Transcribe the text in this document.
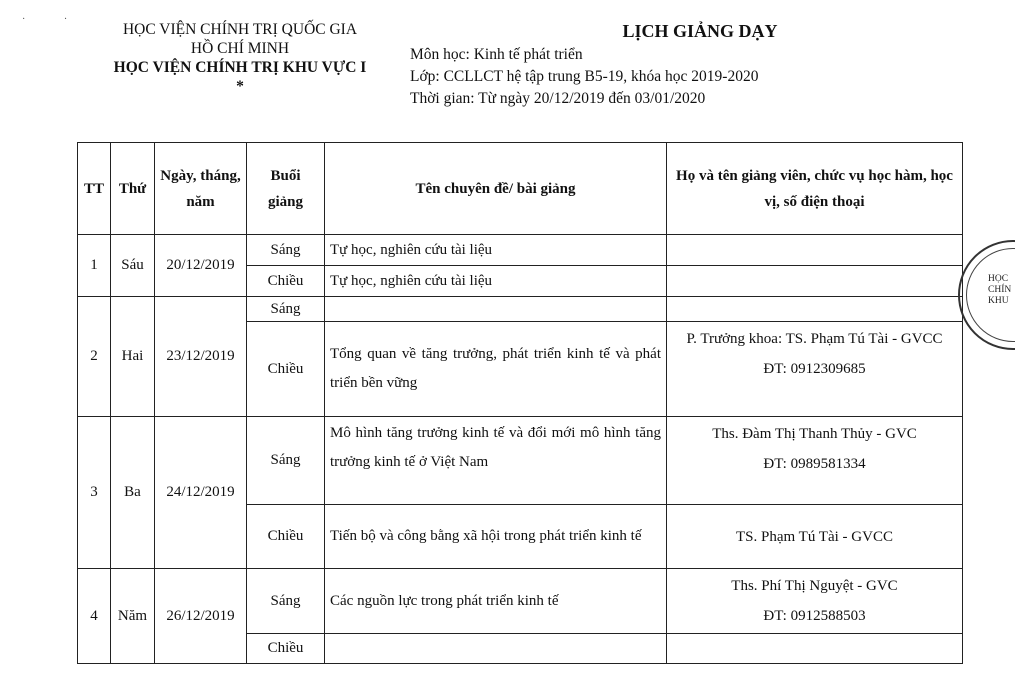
· ·
HỌC VIỆN CHÍNH TRỊ QUỐC GIA
HỒ CHÍ MINH
HỌC VIỆN CHÍNH TRỊ KHU VỰC I
*
LỊCH GIẢNG DẠY
Môn học: Kinh tế phát triển
Lớp: CCLLCT hệ tập trung B5-19, khóa học 2019-2020
Thời gian: Từ ngày 20/12/2019 đến 03/01/2020
TT	Thứ	Ngày, tháng, năm	Buổi giảng	Tên chuyên đề/ bài giảng	Họ và tên giảng viên, chức vụ học hàm, học vị, số điện thoại
1	Sáu	20/12/2019	Sáng	Tự học, nghiên cứu tài liệu	
			Chiều	Tự học, nghiên cứu tài liệu	
2	Hai	23/12/2019	Sáng		
			Chiều	Tổng quan về tăng trưởng, phát triển kinh tế và phát triển bền vững	P. Trưởng khoa: TS. Phạm Tú Tài - GVCC
ĐT: 0912309685

3	Ba	24/12/2019	Sáng	Mô hình tăng trưởng kinh tế và đổi mới mô hình tăng trưởng kinh tế ở Việt Nam	Ths. Đàm Thị Thanh Thủy - GVC
ĐT: 0989581334

			Chiều	Tiến bộ và công bằng xã hội trong phát triển kinh tế	TS. Phạm Tú Tài - GVCC
4	Năm	26/12/2019	Sáng	Các nguồn lực trong phát triển kinh tế	Ths. Phí Thị Nguyệt - GVC
ĐT: 0912588503

			Chiều		
HỌC
CHÍN
KHU
